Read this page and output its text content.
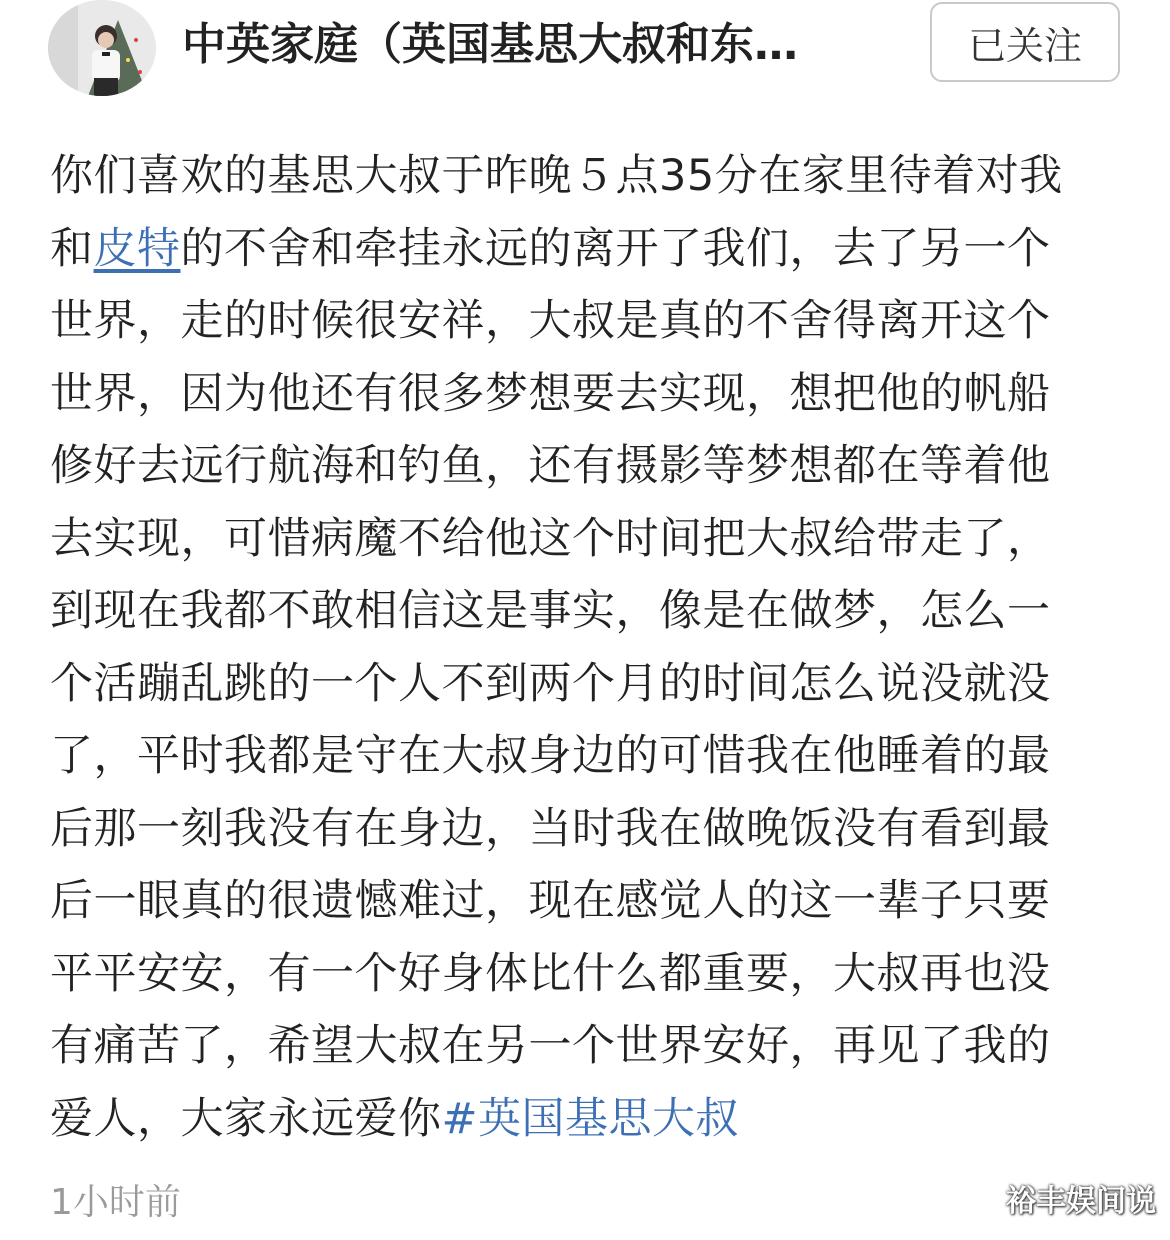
中英家庭（英国基思大叔和东…	已关注
你们喜欢的基思大叔于昨晚５点35分在家里待着对我
和皮特的不舍和牵挂永远的离开了我们，去了另一个
世界，走的时候很安祥，大叔是真的不舍得离开这个
世界，因为他还有很多梦想要去实现，想把他的帆船
修好去远行航海和钓鱼，还有摄影等梦想都在等着他
去实现，可惜病魔不给他这个时间把大叔给带走了，
到现在我都不敢相信这是事实，像是在做梦，怎么一
个活蹦乱跳的一个人不到两个月的时间怎么说没就没
了，平时我都是守在大叔身边的可惜我在他睡着的最
后那一刻我没有在身边，当时我在做晚饭没有看到最
后一眼真的很遗憾难过，现在感觉人的这一辈子只要
平平安安，有一个好身体比什么都重要，大叔再也没
有痛苦了，希望大叔在另一个世界安好，再见了我的
爱人，大家永远爱你#英国基思大叔
1小时前	裕丰娱间说
